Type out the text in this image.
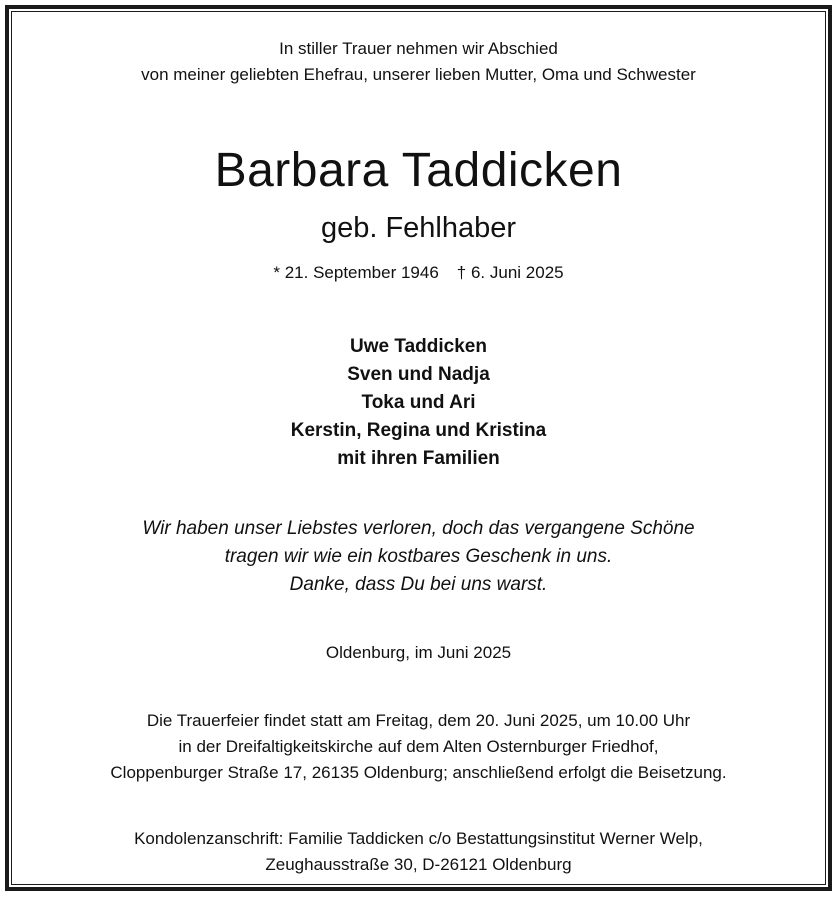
In stiller Trauer nehmen wir Abschied
von meiner geliebten Ehefrau, unserer lieben Mutter, Oma und Schwester
Barbara Taddicken
geb. Fehlhaber
* 21. September 1946 † 6. Juni 2025
Uwe Taddicken
Sven und Nadja
Toka und Ari
Kerstin, Regina und Kristina
mit ihren Familien
Wir haben unser Liebstes verloren, doch das vergangene Schöne
tragen wir wie ein kostbares Geschenk in uns.
Danke, dass Du bei uns warst.
Oldenburg, im Juni 2025
Die Trauerfeier findet statt am Freitag, dem 20. Juni 2025, um 10.00 Uhr
in der Dreifaltigkeitskirche auf dem Alten Osternburger Friedhof,
Cloppenburger Straße 17, 26135 Oldenburg; anschließend erfolgt die Beisetzung.
Kondolenzanschrift: Familie Taddicken c/o Bestattungsinstitut Werner Welp,
Zeughausstraße 30, D-26121 Oldenburg
